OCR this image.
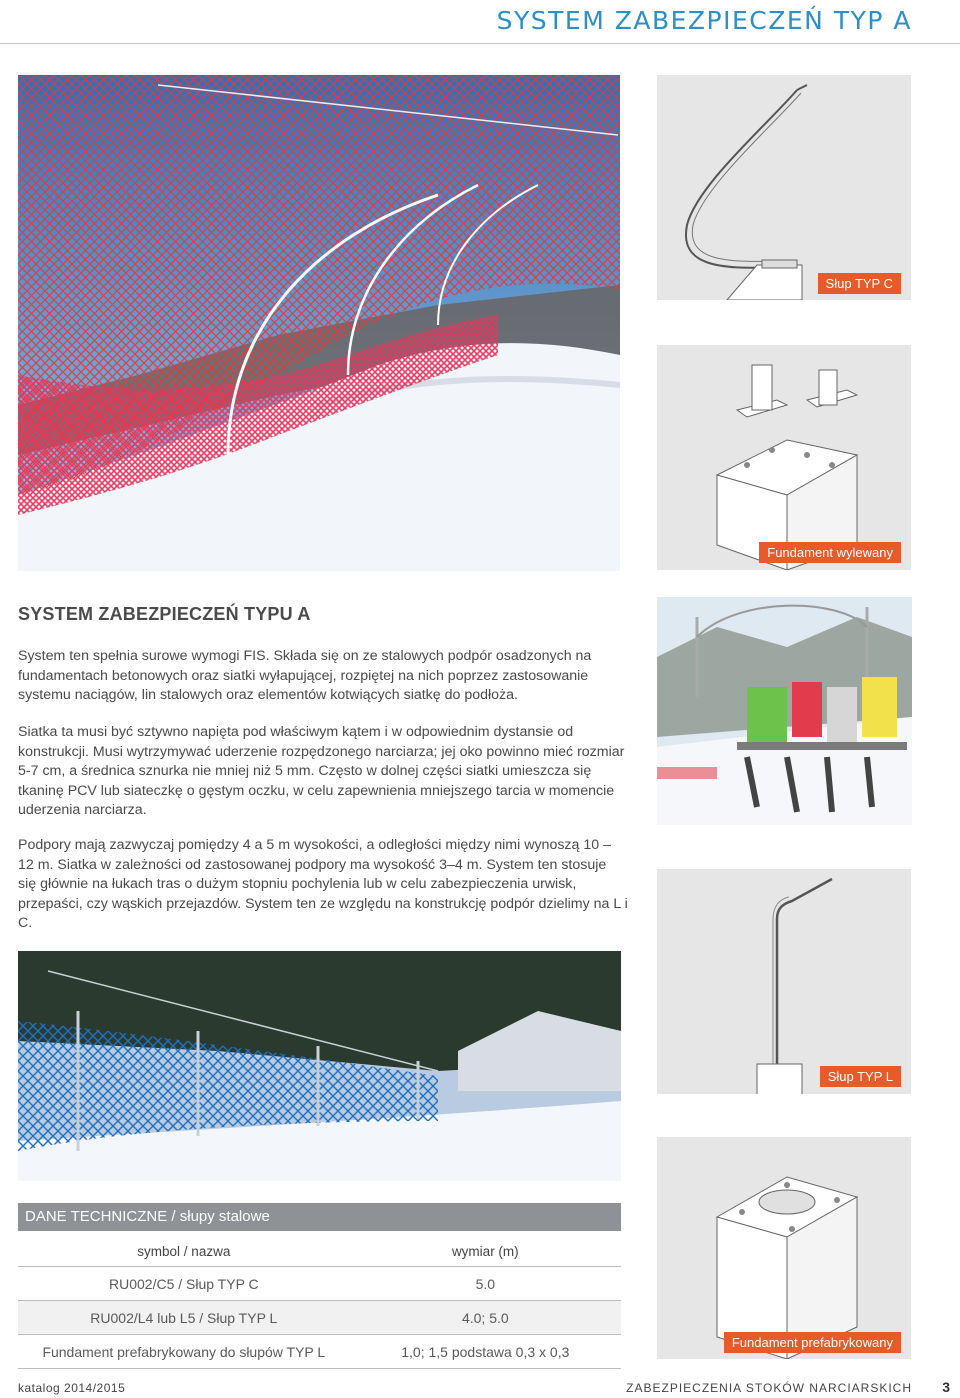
SYSTEM ZABEZPIECZEŃ TYP A
Słup TYP C
Fundament wylewany
SYSTEM ZABEZPIECZEŃ TYPU A

System ten spełnia surowe wymogi FIS. Składa się on ze stalowych podpór osadzonych na fundamentach betonowych oraz siatki wyłapującej, rozpiętej na nich poprzez zastosowanie systemu naciągów, lin stalowych oraz elementów kotwiących siatkę do podłoża.

Siatka ta musi być sztywno napięta pod właściwym kątem i w odpowiednim dystansie od konstrukcji. Musi wytrzymywać uderzenie rozpędzonego narciarza; jej oko powinno mieć rozmiar 5-7 cm, a średnica sznurka nie mniej niż 5 mm. Często w dolnej części siatki umieszcza się tkaninę PCV lub siateczkę o gęstym oczku, w celu zapewnienia mniejszego tarcia w momencie uderzenia narciarza.

Podpory mają zazwyczaj pomiędzy 4 a 5 m wysokości, a odległości między nimi wynoszą 10 – 12 m. Siatka w zależności od zastosowanej podpory ma wysokość 3–4 m. System ten stosuje się głównie na łukach tras o dużym stopniu pochylenia lub w celu zabezpieczenia urwisk, przepaści, czy wąskich przejazdów. System ten ze względu na konstrukcję podpór dzielimy na L i C.

Słup TYP L
Fundament prefabrykowany
DANE TECHNICZNE / słupy stalowe
symbol / nazwa	wymiar (m)
RU002/C5 / Słup TYP C	5.0
RU002/L4 lub L5 / Słup TYP L	4.0; 5.0
Fundament prefabrykowany do słupów TYP L	1,0; 1,5 podstawa 0,3 x 0,3
katalog 2014/2015	ZABEZPIECZENIA STOKÓW NARCIARSKICH 3
